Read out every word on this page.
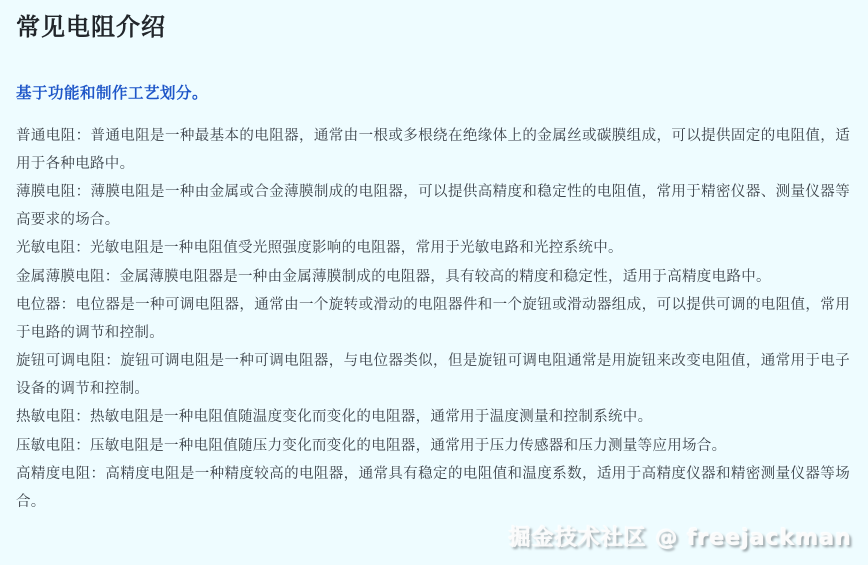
常见电阻介绍
基于功能和制作工艺划分。

普通电阻：普通电阻是一种最基本的电阻器，通常由一根或多根绕在绝缘体上的金属丝或碳膜组成，可以提供固定的电阻值，适用于各种电路中。

薄膜电阻：薄膜电阻是一种由金属或合金薄膜制成的电阻器，可以提供高精度和稳定性的电阻值，常用于精密仪器、测量仪器等高要求的场合。

光敏电阻：光敏电阻是一种电阻值受光照强度影响的电阻器，常用于光敏电路和光控系统中。

金属薄膜电阻：金属薄膜电阻器是一种由金属薄膜制成的电阻器，具有较高的精度和稳定性，适用于高精度电路中。

电位器：电位器是一种可调电阻器，通常由一个旋转或滑动的电阻器件和一个旋钮或滑动器组成，可以提供可调的电阻值，常用于电路的调节和控制。

旋钮可调电阻：旋钮可调电阻是一种可调电阻器，与电位器类似，但是旋钮可调电阻通常是用旋钮来改变电阻值，通常用于电子设备的调节和控制。

热敏电阻：热敏电阻是一种电阻值随温度变化而变化的电阻器，通常用于温度测量和控制系统中。

压敏电阻：压敏电阻是一种电阻值随压力变化而变化的电阻器，通常用于压力传感器和压力测量等应用场合。

高精度电阻：高精度电阻是一种精度较高的电阻器，通常具有稳定的电阻值和温度系数，适用于高精度仪器和精密测量仪器等场合。

掘金技术社区 @ freejackman
